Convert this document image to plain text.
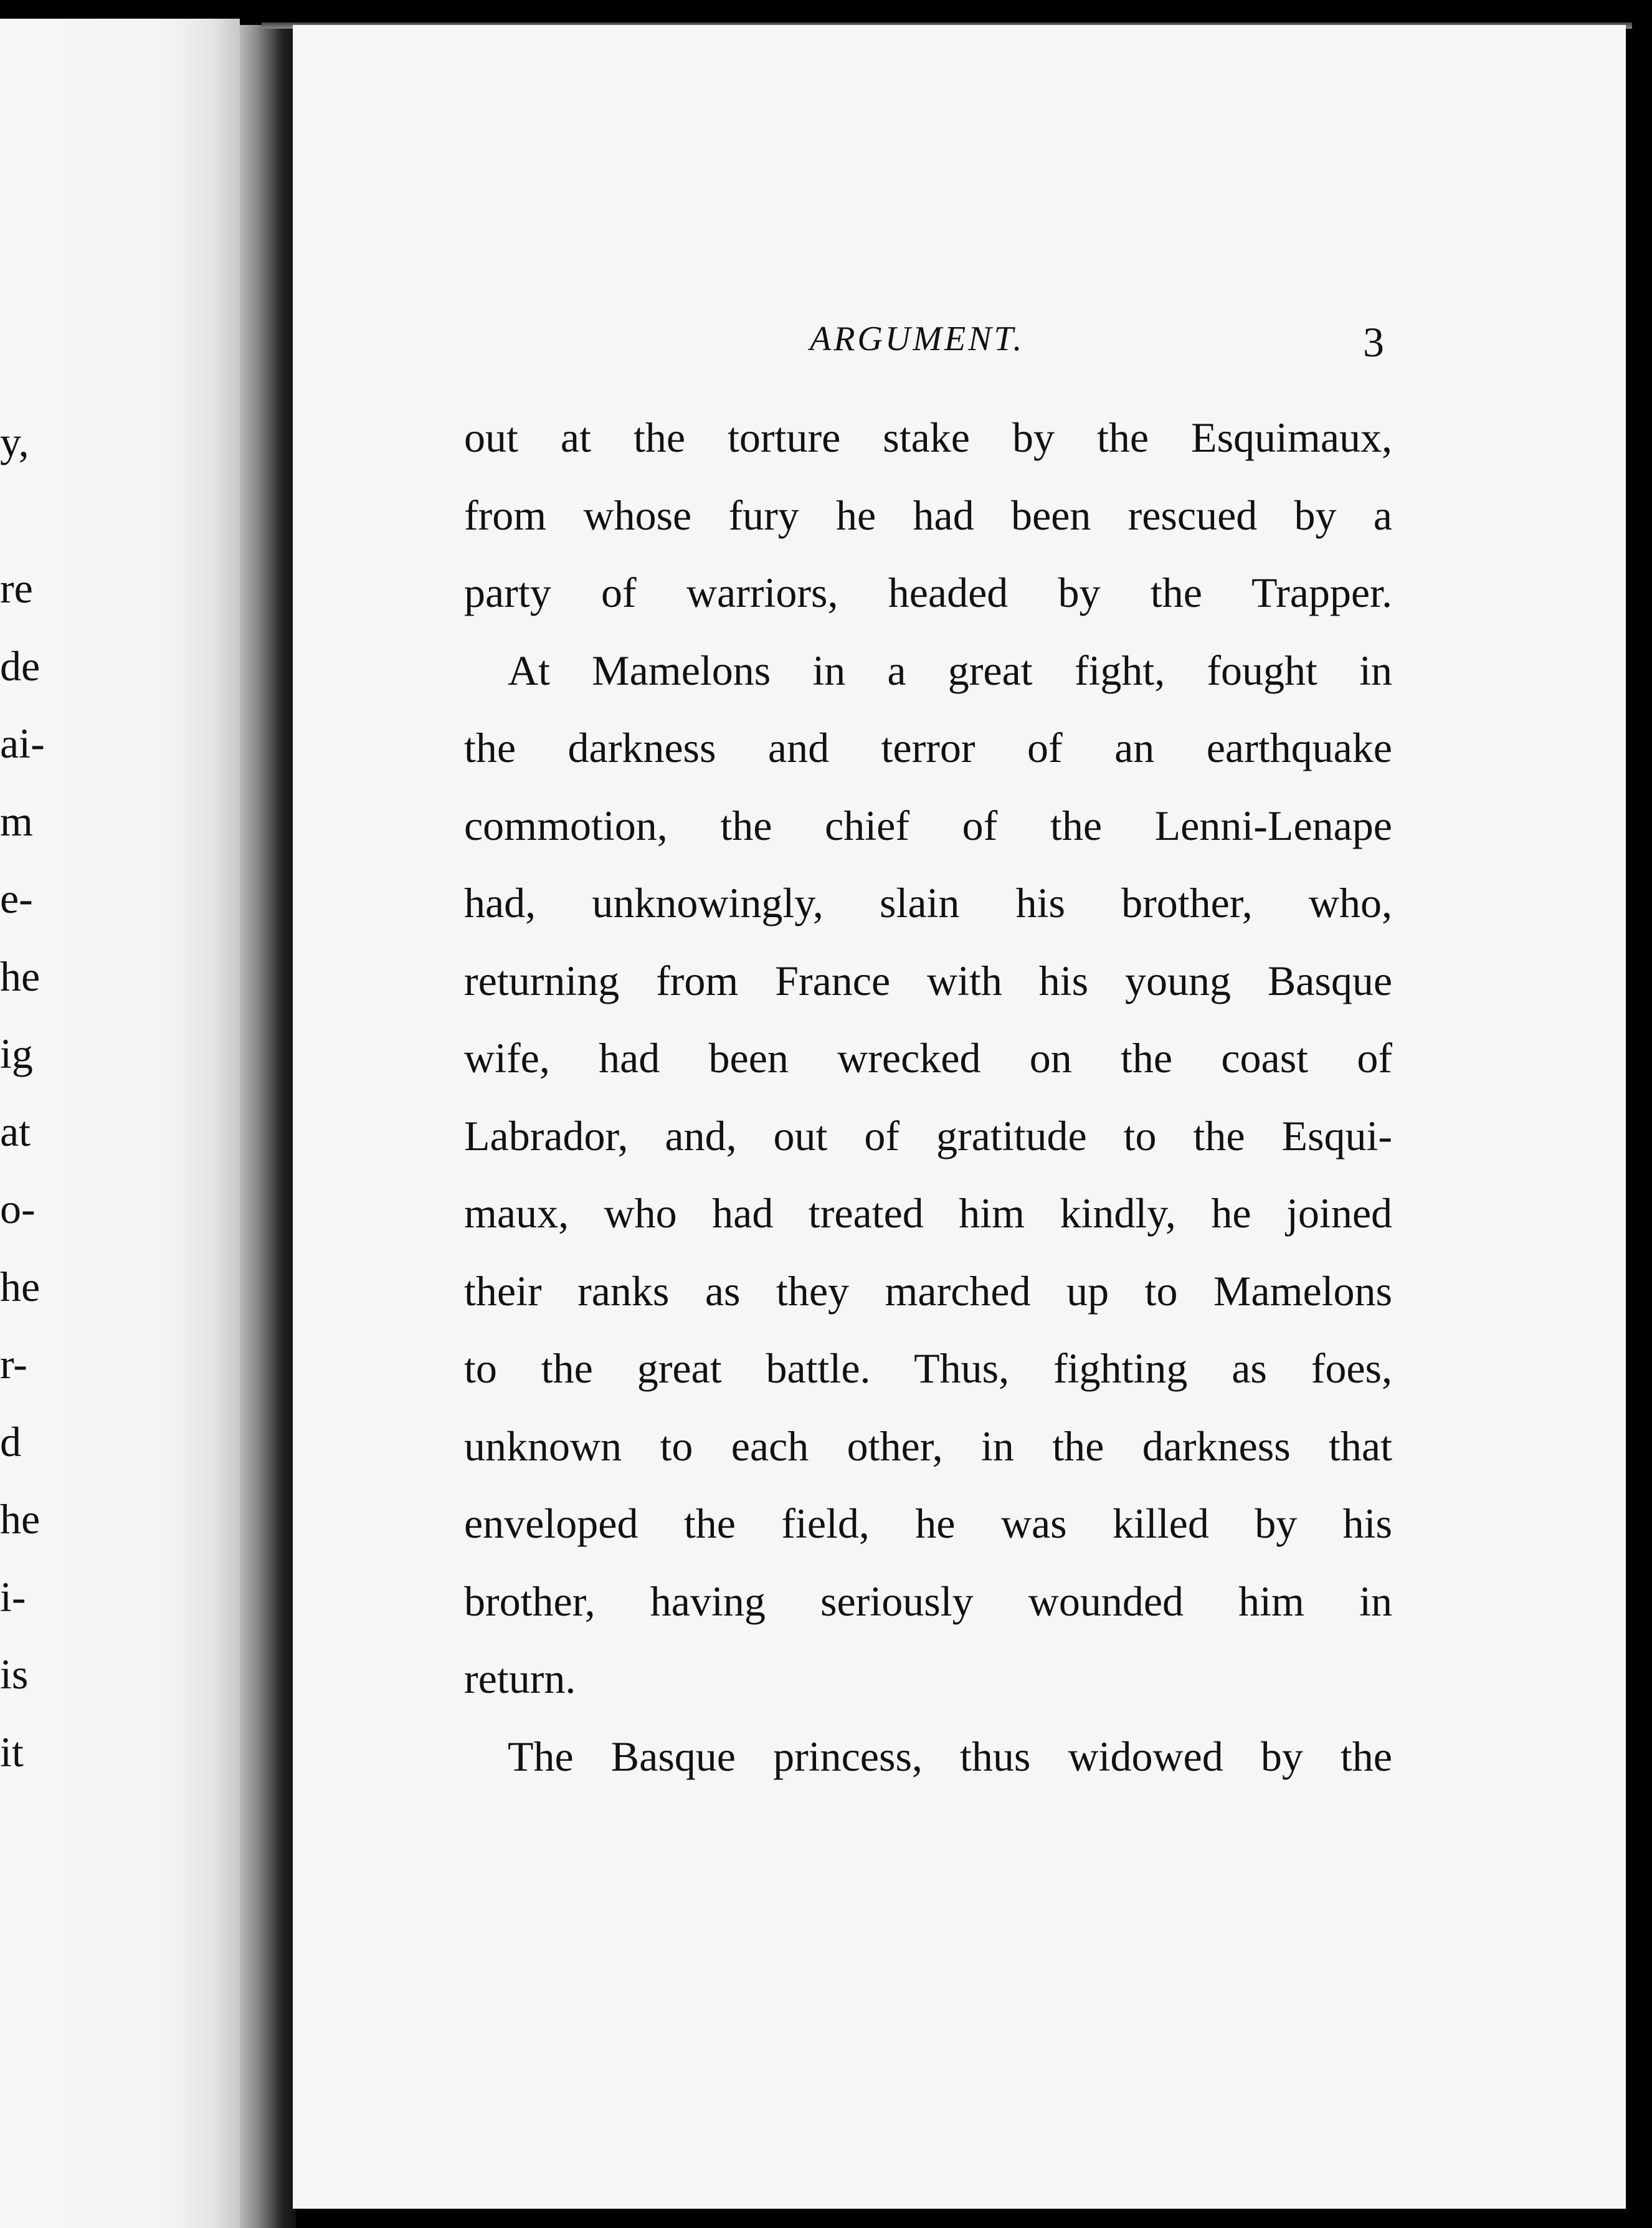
y,
re
de
ai-
m
e-
he
ig
at
o-
he
r-
d
he
i-
is
it
ARGUMENT.	3
out at the torture stake by the Esquimaux,
from whose fury he had been rescued by a
party of warriors, headed by the Trapper.
At Mamelons in a great fight, fought in
the darkness and terror of an earthquake
commotion, the chief of the Lenni-Lenape
had, unknowingly, slain his brother, who,
returning from France with his young Basque
wife, had been wrecked on the coast of
Labrador, and, out of gratitude to the Esqui-
maux, who had treated him kindly, he joined
their ranks as they marched up to Mamelons
to the great battle. Thus, fighting as foes,
unknown to each other, in the darkness that
enveloped the field, he was killed by his
brother, having seriously wounded him in
return.
The Basque princess, thus widowed by the
